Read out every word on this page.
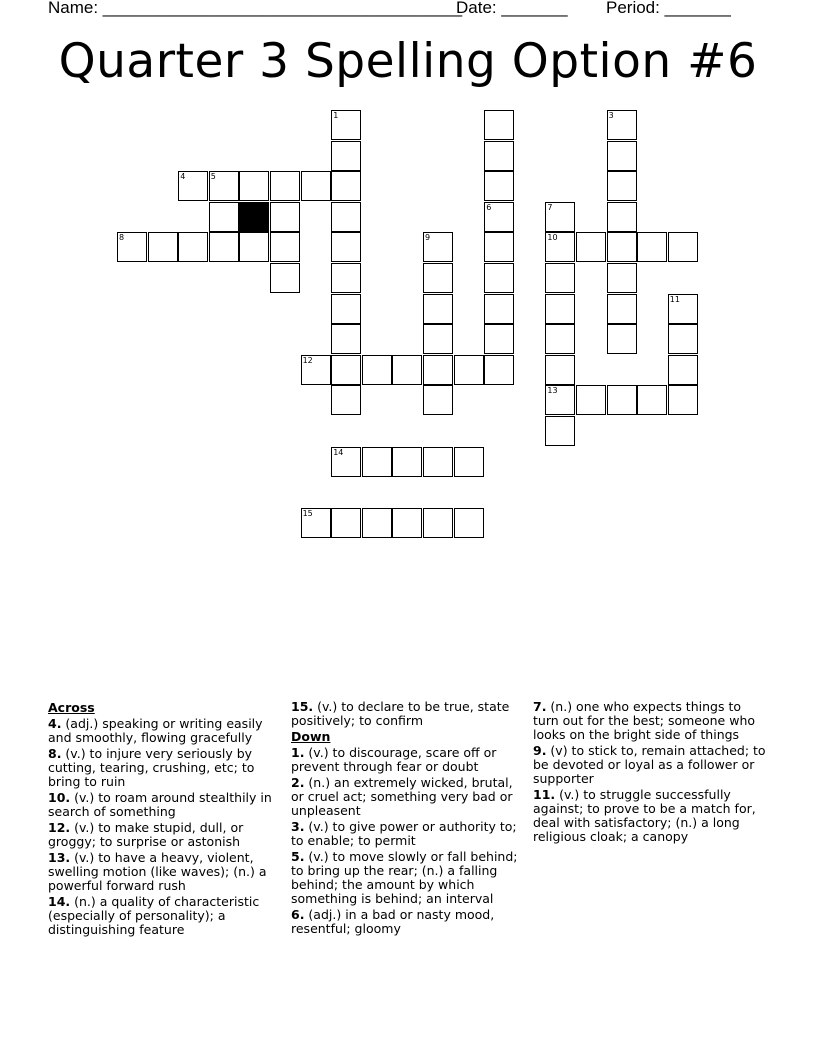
Name: ______________________________________
Date: _______ Period: _______
Quarter 3 Spelling Option #6
1
6
4	5
8
3
7
10
13
9
12
11
14
15
Across
4. (adj.) speaking or writing easily and smoothly, flowing gracefully
8. (v.) to injure very seriously by cutting, tearing, crushing, etc; to bring to ruin
10. (v.) to roam around stealthily in search of something
12. (v.) to make stupid, dull, or groggy; to surprise or astonish
13. (v.) to have a heavy, violent, swelling motion (like waves); (n.) a powerful forward rush
14. (n.) a quality of characteristic (especially of personality); a distinguishing feature
15. (v.) to declare to be true, state positively; to confirm
Down
1. (v.) to discourage, scare off or prevent through fear or doubt
2. (n.) an extremely wicked, brutal, or cruel act; something very bad or unpleasent
3. (v.) to give power or authority to; to enable; to permit
5. (v.) to move slowly or fall behind; to bring up the rear; (n.) a falling behind; the amount by which something is behind; an interval
6. (adj.) in a bad or nasty mood, resentful; gloomy
7. (n.) one who expects things to turn out for the best; someone who looks on the bright side of things
9. (v) to stick to, remain attached; to be devoted or loyal as a follower or supporter
11. (v.) to struggle successfully against; to prove to be a match for, deal with satisfactory; (n.) a long religious cloak; a canopy
